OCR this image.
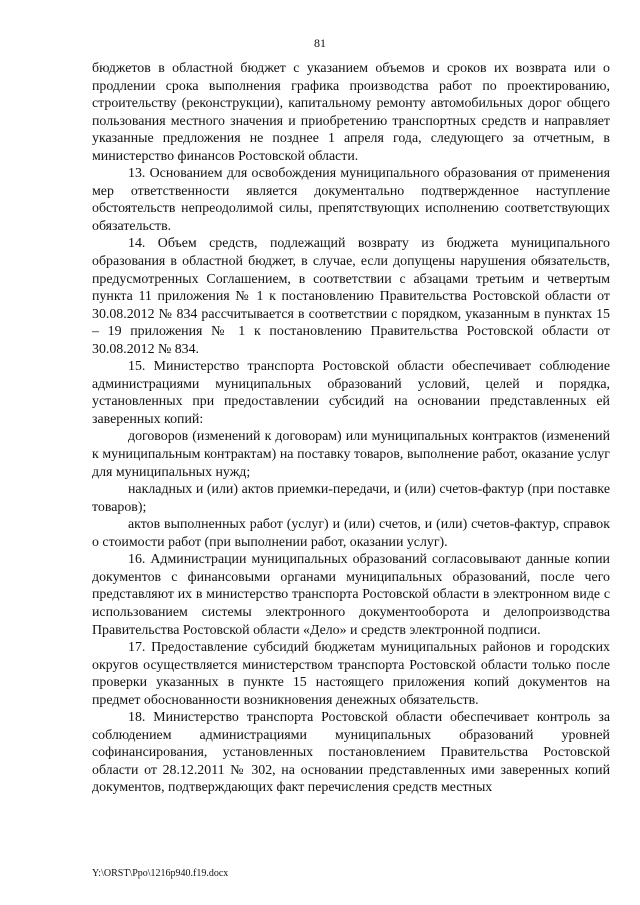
81

бюджетов в областной бюджет с указанием объемов и сроков их возврата или о продлении срока выполнения графика производства работ по проектированию, строительству (реконструкции), капитальному ремонту автомобильных дорог общего пользования местного значения и приобретению транспортных средств и направляет указанные предложения не позднее 1 апреля года, следующего за отчетным, в министерство финансов Ростовской области.

13. Основанием для освобождения муниципального образования от применения мер ответственности является документально подтвержденное наступление обстоятельств непреодолимой силы, препятствующих исполнению соответствующих обязательств.

14. Объем средств, подлежащий возврату из бюджета муниципального образования в областной бюджет, в случае, если допущены нарушения обязательств, предусмотренных Соглашением, в соответствии с абзацами третьим и четвертым пункта 11 приложения № 1 к постановлению Правительства Ростовской области от 30.08.2012 № 834 рассчитывается в соответствии с порядком, указанным в пунктах 15 – 19 приложения № 1 к постановлению Правительства Ростовской области от 30.08.2012 № 834.

15. Министерство транспорта Ростовской области обеспечивает соблюдение администрациями муниципальных образований условий, целей и порядка, установленных при предоставлении субсидий на основании представленных ей заверенных копий:

договоров (изменений к договорам) или муниципальных контрактов (изменений к муниципальным контрактам) на поставку товаров, выполнение работ, оказание услуг для муниципальных нужд;

накладных и (или) актов приемки-передачи, и (или) счетов-фактур (при поставке товаров);

актов выполненных работ (услуг) и (или) счетов, и (или) счетов-фактур, справок о стоимости работ (при выполнении работ, оказании услуг).

16. Администрации муниципальных образований согласовывают данные копии документов с финансовыми органами муниципальных образований, после чего представляют их в министерство транспорта Ростовской области в электронном виде с использованием системы электронного документооборота и делопроизводства Правительства Ростовской области «Дело» и средств электронной подписи.

17. Предоставление субсидий бюджетам муниципальных районов и городских округов осуществляется министерством транспорта Ростовской области только после проверки указанных в пункте 15 настоящего приложения копий документов на предмет обоснованности возникновения денежных обязательств.

18. Министерство транспорта Ростовской области обеспечивает контроль за соблюдением администрациями муниципальных образований уровней софинансирования, установленных постановлением Правительства Ростовской области от 28.12.2011 № 302, на основании представленных ими заверенных копий документов, подтверждающих факт перечисления средств местных

Y:\ORST\Ppo\1216p940.f19.docx
